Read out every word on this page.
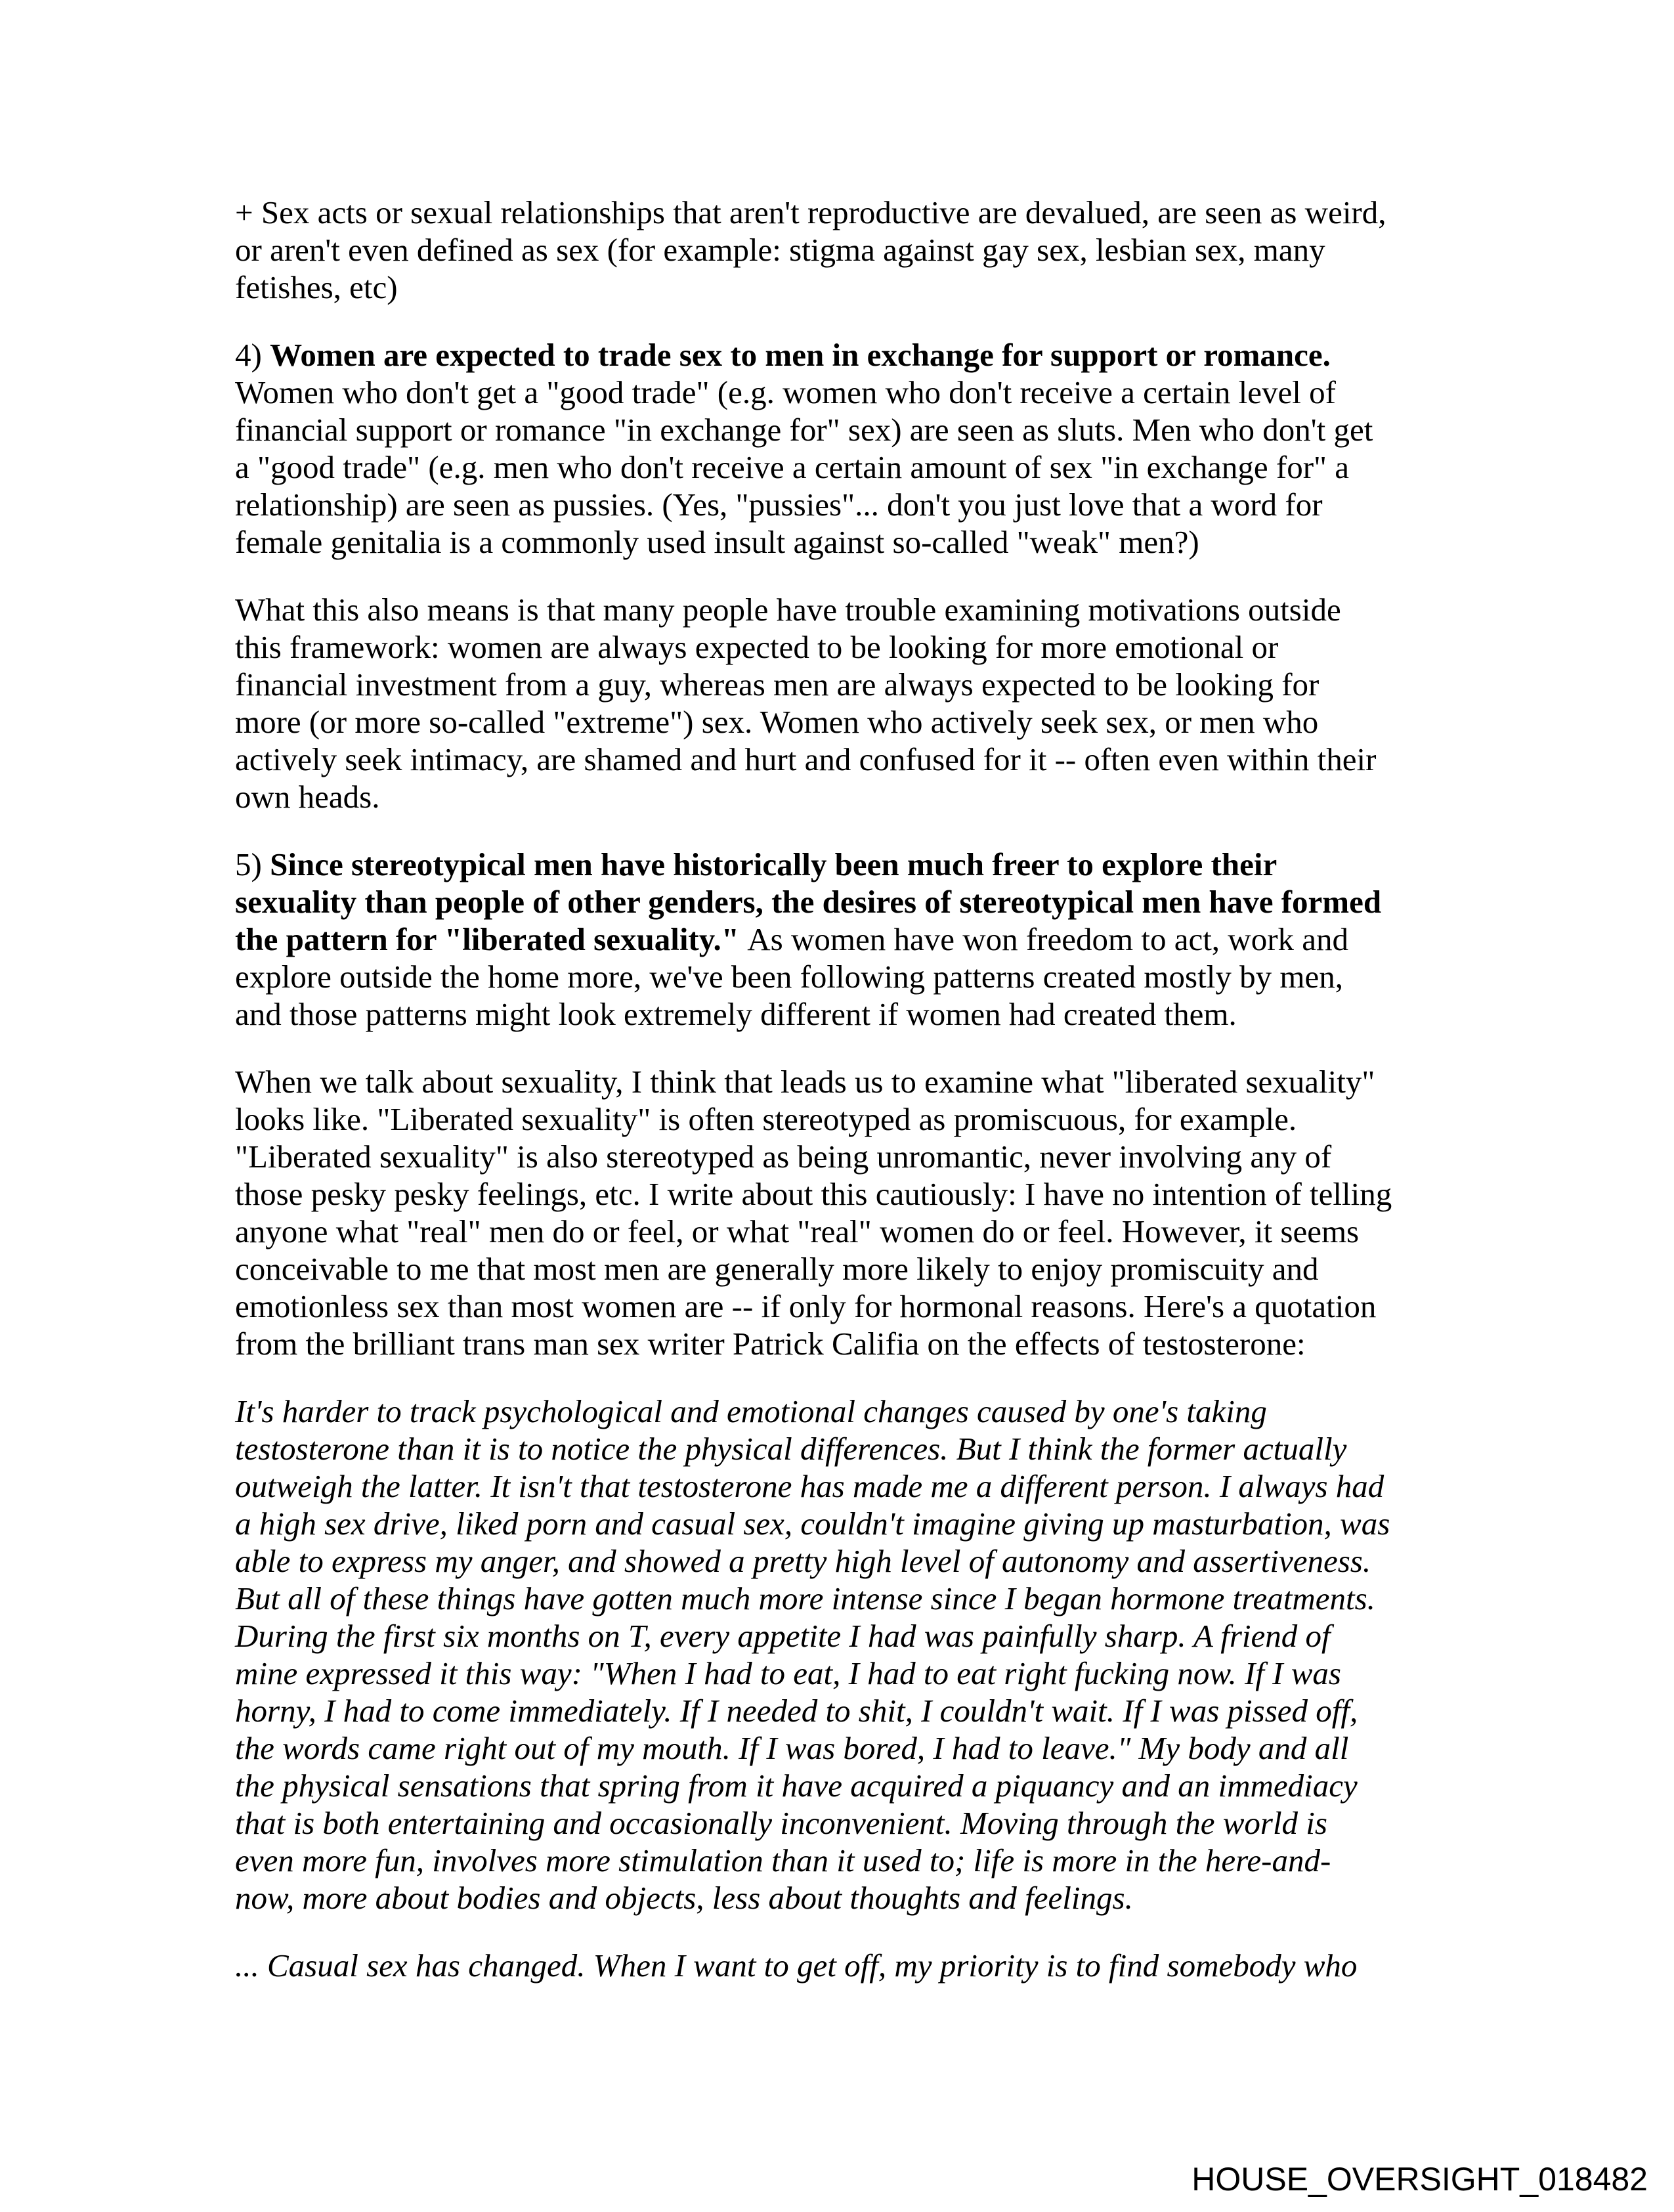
+ Sex acts or sexual relationships that aren't reproductive are devalued, are seen as weird,
or aren't even defined as sex (for example: stigma against gay sex, lesbian sex, many
fetishes, etc)
4) Women are expected to trade sex to men in exchange for support or romance.
Women who don't get a "good trade" (e.g. women who don't receive a certain level of
financial support or romance "in exchange for" sex) are seen as sluts. Men who don't get
a "good trade" (e.g. men who don't receive a certain amount of sex "in exchange for" a
relationship) are seen as pussies. (Yes, "pussies"... don't you just love that a word for
female genitalia is a commonly used insult against so-called "weak" men?)
What this also means is that many people have trouble examining motivations outside
this framework: women are always expected to be looking for more emotional or
financial investment from a guy, whereas men are always expected to be looking for
more (or more so-called "extreme") sex. Women who actively seek sex, or men who
actively seek intimacy, are shamed and hurt and confused for it -- often even within their
own heads.
5) Since stereotypical men have historically been much freer to explore their
sexuality than people of other genders, the desires of stereotypical men have formed
the pattern for "liberated sexuality." As women have won freedom to act, work and
explore outside the home more, we've been following patterns created mostly by men,
and those patterns might look extremely different if women had created them.
When we talk about sexuality, I think that leads us to examine what "liberated sexuality"
looks like. "Liberated sexuality" is often stereotyped as promiscuous, for example.
"Liberated sexuality" is also stereotyped as being unromantic, never involving any of
those pesky pesky feelings, etc. I write about this cautiously: I have no intention of telling
anyone what "real" men do or feel, or what "real" women do or feel. However, it seems
conceivable to me that most men are generally more likely to enjoy promiscuity and
emotionless sex than most women are -- if only for hormonal reasons. Here's a quotation
from the brilliant trans man sex writer Patrick Califia on the effects of testosterone:
It's harder to track psychological and emotional changes caused by one's taking
testosterone than it is to notice the physical differences. But I think the former actually
outweigh the latter. It isn't that testosterone has made me a different person. I always had
a high sex drive, liked porn and casual sex, couldn't imagine giving up masturbation, was
able to express my anger, and showed a pretty high level of autonomy and assertiveness.
But all of these things have gotten much more intense since I began hormone treatments.
During the first six months on T, every appetite I had was painfully sharp. A friend of
mine expressed it this way: "When I had to eat, I had to eat right fucking now. If I was
horny, I had to come immediately. If I needed to shit, I couldn't wait. If I was pissed off,
the words came right out of my mouth. If I was bored, I had to leave." My body and all
the physical sensations that spring from it have acquired a piquancy and an immediacy
that is both entertaining and occasionally inconvenient. Moving through the world is
even more fun, involves more stimulation than it used to; life is more in the here-and-
now, more about bodies and objects, less about thoughts and feelings.
... Casual sex has changed. When I want to get off, my priority is to find somebody who
HOUSE_OVERSIGHT_018482
